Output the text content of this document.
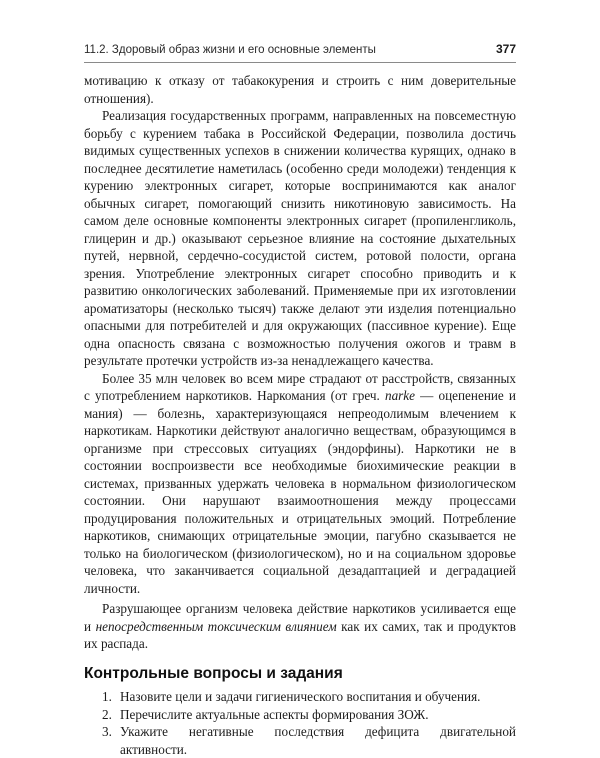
11.2. Здоровый образ жизни и его основные элементы	377

мотивацию к отказу от табакокурения и строить с ним доверительные отношения).

Реализация государственных программ, направленных на повсеместную борьбу с курением табака в Российской Федерации, позволила достичь видимых существенных успехов в снижении количества курящих, однако в последнее десятилетие наметилась (особенно среди молодежи) тенденция к курению электронных сигарет, которые воспринимаются как аналог обычных сигарет, помогающий снизить никотиновую зависимость. На самом деле основные компоненты электронных сигарет (пропиленгликоль, глицерин и др.) оказывают серьезное влияние на состояние дыхательных путей, нервной, сердечно-сосудистой систем, ротовой полости, органа зрения. Употребление электронных сигарет способно приводить и к развитию онкологических заболеваний. Применяемые при их изготовлении ароматизаторы (несколько тысяч) также делают эти изделия потенциально опасными для потребителей и для окружающих (пассивное курение). Еще одна опасность связана с возможностью получения ожогов и травм в результате протечки устройств из-за ненадлежащего качества.

Более 35 млн человек во всем мире страдают от расстройств, связанных с употреблением наркотиков. Наркомания (от греч. narke — оцепенение и мания) — болезнь, характеризующаяся непреодолимым влечением к наркотикам. Наркотики действуют аналогично веществам, образующимся в организме при стрессовых ситуациях (эндорфины). Наркотики не в состоянии воспроизвести все необходимые биохимические реакции в системах, призванных удержать человека в нормальном физиологическом состоянии. Они нарушают взаимоотношения между процессами продуцирования положительных и отрицательных эмоций. Потребление наркотиков, снимающих отрицательные эмоции, пагубно сказывается не только на биологическом (физиологическом), но и на социальном здоровье человека, что заканчивается социальной дезадаптацией и деградацией личности.

Разрушающее организм человека действие наркотиков усиливается еще и непосредственным токсическим влиянием как их самих, так и продуктов их распада.

Контрольные вопросы и задания
1. Назовите цели и задачи гигиенического воспитания и обучения.
2. Перечислите актуальные аспекты формирования ЗОЖ.
3. Укажите негативные последствия дефицита двигательной активности.
